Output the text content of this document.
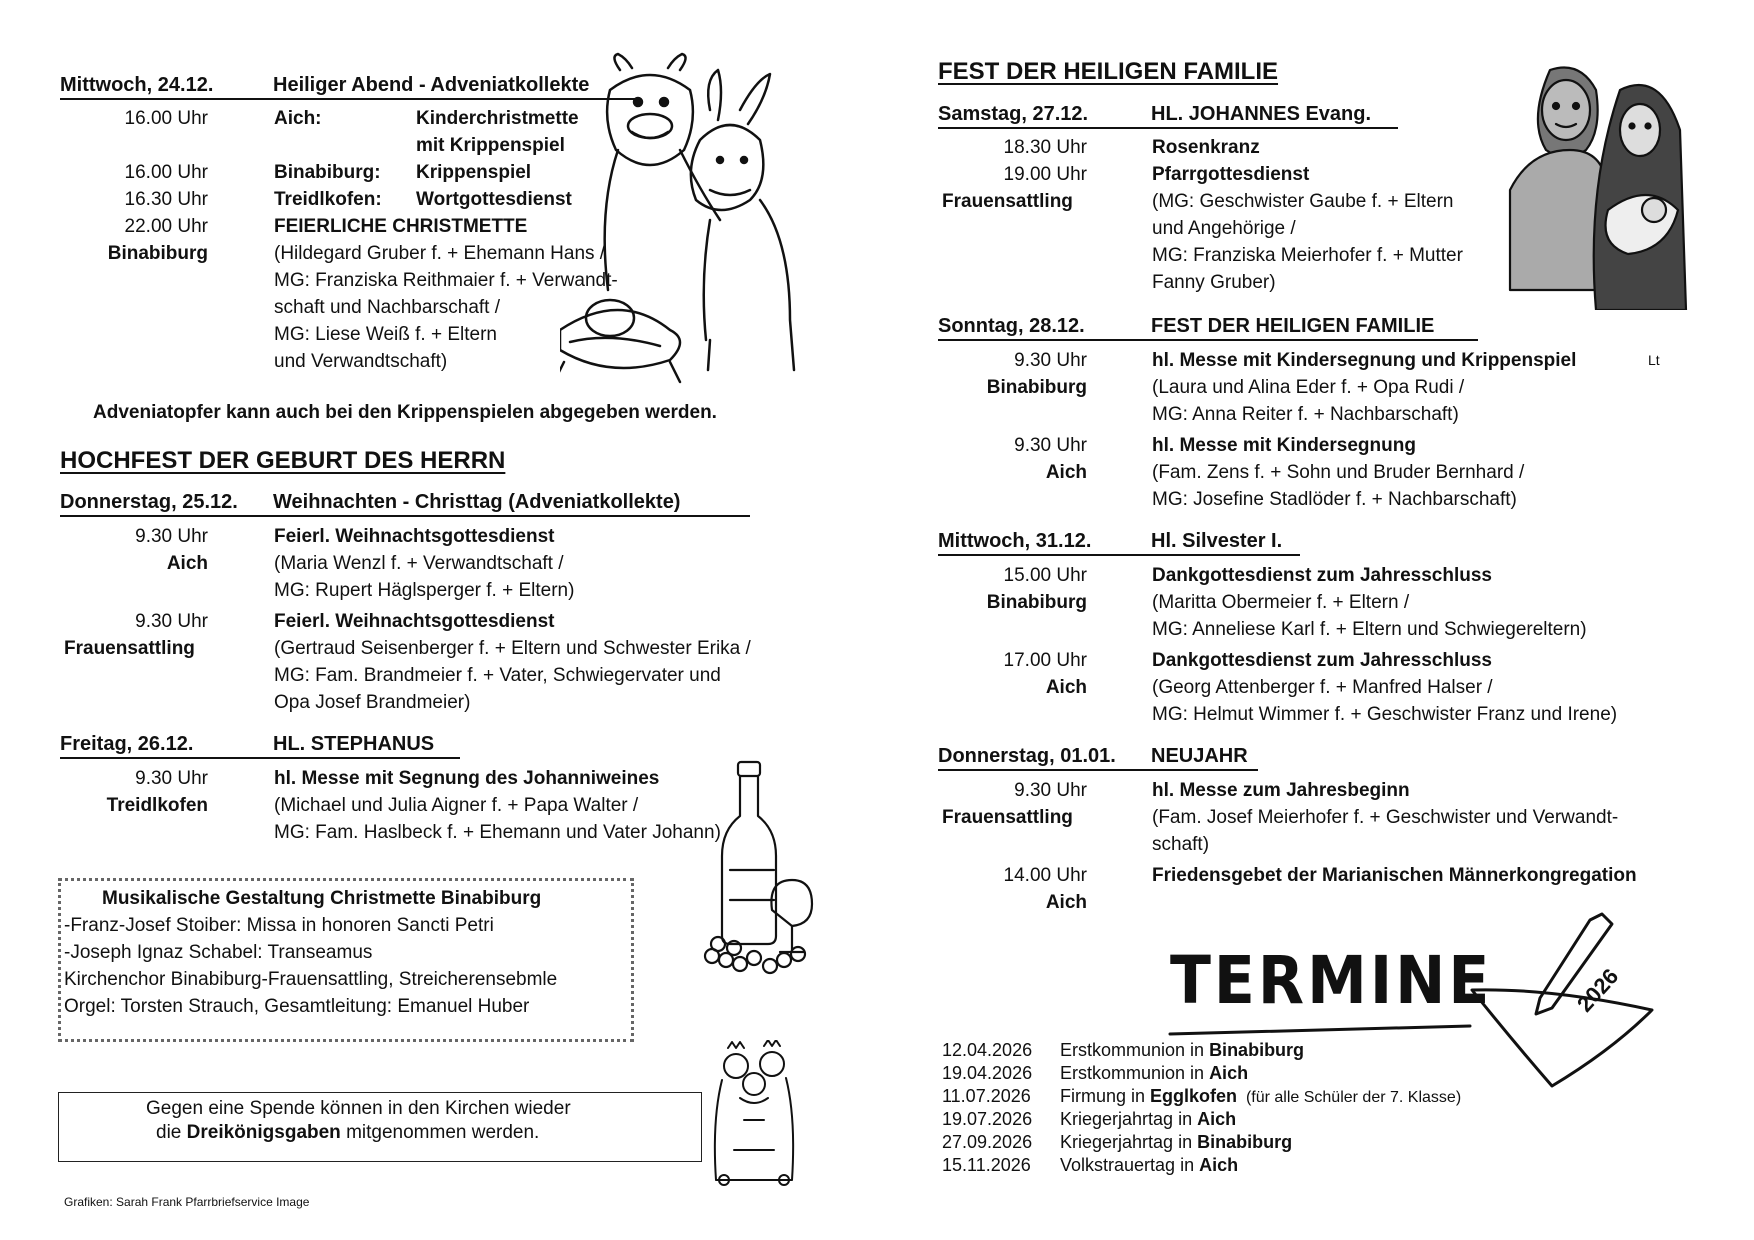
Mittwoch, 24.12.	Heiliger Abend - Adveniatkollekte
16.00 Uhr	Aich:	Kinderchristmette
mit Krippenspiel
16.00 Uhr	Binabiburg: Krippenspiel
16.30 Uhr	Treidlkofen: Wortgottesdienst
22.00 Uhr	FEIERLICHE CHRISTMETTE
Binabiburg	(Hildegard Gruber f. + Ehemann Hans /
MG: Franziska Reithmaier f. + Verwandt-
schaft und Nachbarschaft /
MG: Liese Weiß f. + Eltern
und Verwandtschaft)
Adveniatopfer kann auch bei den Krippenspielen abgegeben werden.
HOCHFEST DER GEBURT DES HERRN
Donnerstag, 25.12. Weihnachten - Christtag (Adveniatkollekte)
9.30 Uhr	Feierl. Weihnachtsgottesdienst
Aich	(Maria Wenzl f. + Verwandtschaft /
MG: Rupert Häglsperger f. + Eltern)
9.30 Uhr	Feierl. Weihnachtsgottesdienst
Frauensattling	(Gertraud Seisenberger f. + Eltern und Schwester Erika /
MG: Fam. Brandmeier f. + Vater, Schwiegervater und
Opa Josef Brandmeier)
Freitag, 26.12.	HL. STEPHANUS
9.30 Uhr	hl. Messe mit Segnung des Johanniweines
Treidlkofen	(Michael und Julia Aigner f. + Papa Walter /
MG: Fam. Haslbeck f. + Ehemann und Vater Johann)
Musikalische Gestaltung Christmette Binabiburg
-Franz-Josef Stoiber: Missa in honoren Sancti Petri
-Joseph Ignaz Schabel: Transeamus
Kirchenchor Binabiburg-Frauensattling, Streicherensebmle
Orgel: Torsten Strauch, Gesamtleitung: Emanuel Huber
Gegen eine Spende können in den Kirchen wieder
die Dreikönigsgaben mitgenommen werden.
Grafiken: Sarah Frank Pfarrbriefservice Image
FEST DER HEILIGEN FAMILIE
Samstag, 27.12.	HL. JOHANNES Evang.
18.30 Uhr	Rosenkranz
19.00 Uhr	Pfarrgottesdienst
Frauensattling	(MG: Geschwister Gaube f. + Eltern
und Angehörige /
MG: Franziska Meierhofer f. + Mutter
Fanny Gruber)
Sonntag, 28.12.	FEST DER HEILIGEN FAMILIE
9.30 Uhr	hl. Messe mit Kindersegnung und Krippenspiel	Lt
Binabiburg	(Laura und Alina Eder f. + Opa Rudi /
MG: Anna Reiter f. + Nachbarschaft)
9.30 Uhr	hl. Messe mit Kindersegnung
Aich	(Fam. Zens f. + Sohn und Bruder Bernhard /
MG: Josefine Stadlöder f. + Nachbarschaft)
Mittwoch, 31.12.	Hl. Silvester I.
15.00 Uhr	Dankgottesdienst zum Jahresschluss
Binabiburg	(Maritta Obermeier f. + Eltern /
MG: Anneliese Karl f. + Eltern und Schwiegereltern)
17.00 Uhr	Dankgottesdienst zum Jahresschluss
Aich	(Georg Attenberger f. + Manfred Halser /
MG: Helmut Wimmer f. + Geschwister Franz und Irene)
Donnerstag, 01.01. NEUJAHR
9.30 Uhr	hl. Messe zum Jahresbeginn
Frauensattling	(Fam. Josef Meierhofer f. + Geschwister und Verwandt-
schaft)
14.00 Uhr	Friedensgebet der Marianischen Männerkongregation
Aich
TERMINE	2026
12.04.2026 Erstkommunion in Binabiburg
19.04.2026 Erstkommunion in Aich
11.07.2026 Firmung in Egglkofen  (für alle Schüler der 7. Klasse)
19.07.2026 Kriegerjahrtag in Aich
27.09.2026 Kriegerjahrtag in Binabiburg
15.11.2026 Volkstrauertag in Aich
